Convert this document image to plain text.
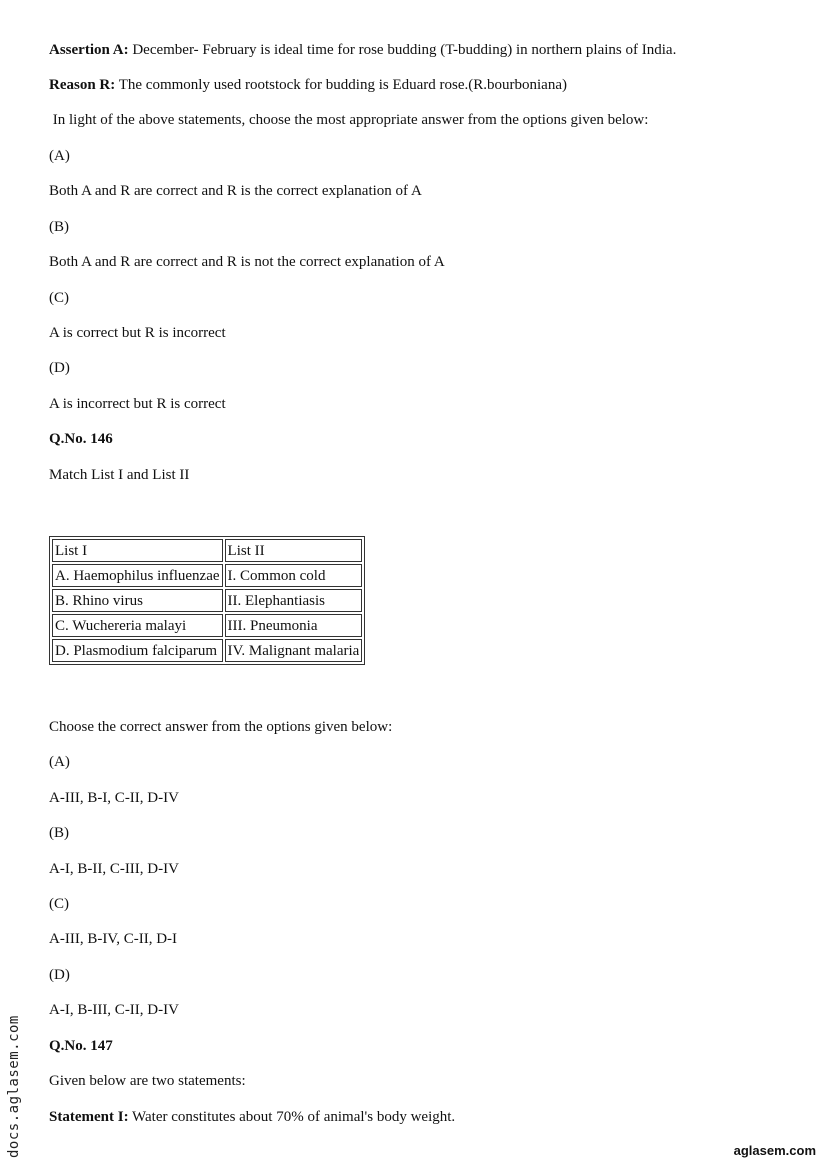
Assertion A: December- February is ideal time for rose budding (T-budding) in northern plains of India.
Reason R: The commonly used rootstock for budding is Eduard rose.(R.bourboniana)
In light of the above statements, choose the most appropriate answer from the options given below:
(A)
Both A and R are correct and R is the correct explanation of A
(B)
Both A and R are correct and R is not the correct explanation of A
(C)
A is correct but R is incorrect
(D)
A is incorrect but R is correct
Q.No. 146
Match List I and List II
List I	List II
A. Haemophilus influenzae	I. Common cold
B. Rhino virus	II. Elephantiasis
C. Wuchereria malayi	III. Pneumonia
D. Plasmodium falciparum	IV. Malignant malaria
Choose the correct answer from the options given below:
(A)
A-III, B-I, C-II, D-IV
(B)
A-I, B-II, C-III, D-IV
(C)
A-III, B-IV, C-II, D-I
(D)
A-I, B-III, C-II, D-IV
Q.No. 147
Given below are two statements:
Statement I: Water constitutes about 70% of animal's body weight.
docs.aglasem.com	aglasem.com
